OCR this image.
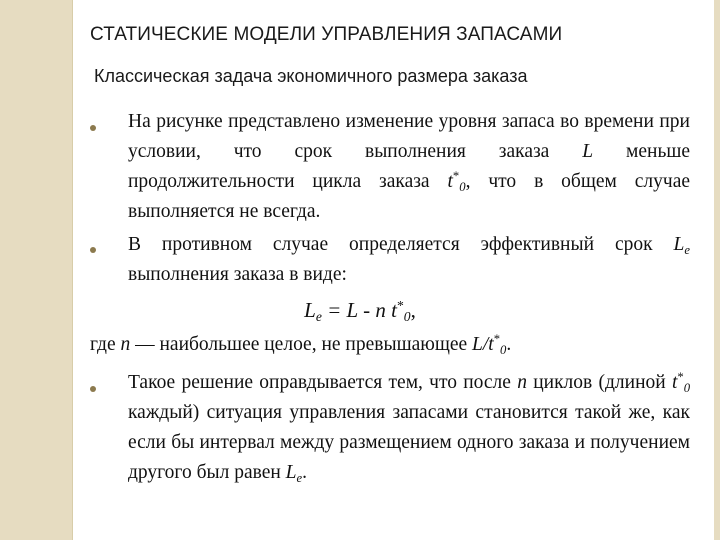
СТАТИЧЕСКИЕ МОДЕЛИ УПРАВЛЕНИЯ ЗАПАСАМИ
Классическая задача экономичного размера заказа
На рисунке представлено изменение уровня запаса во времени при условии, что срок выполнения заказа L меньше продолжительности цикла заказа $t^*_0$, что в общем случае выполняется не всегда.
В противном случае определяется эффективный срок $L_e$ выполнения заказа в виде:
$L_e = L - n$ $t^*_0$,
где n — наибольшее целое, не превышающее $L/t^*_0$.
Такое решение оправдывается тем, что после n циклов (длиной $t^*_0$ каждый) ситуация управления запасами становится такой же, как если бы интервал между размещением одного заказа и получением другого был равен $L_e$.
